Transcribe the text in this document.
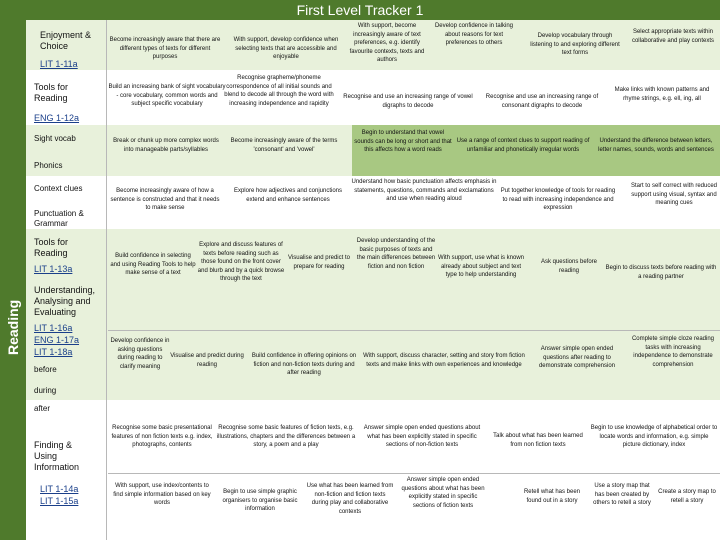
First Level Tracker 1
Reading
Enjoyment & Choice
LIT 1-11a
Become increasingly aware that there are different types of texts for different purposes
With support, develop confidence when selecting texts that are accessible and enjoyable
With support, become increasingly aware of text preferences, e.g. identify favourite contexts, texts and authors
Develop confidence in talking about reasons for text preferences to others
Develop vocabulary through listening to and exploring different text forms
Select appropriate texts within collaborative and play contexts
Tools for Reading
ENG 1-12a
Build an increasing bank of sight vocabulary - core vocabulary, common words and subject specific vocabulary
Recognise grapheme/phoneme correspondence of all initial sounds and blend to decode all through the word with increasing independence and rapidity
Recognise and use an increasing range of vowel digraphs to decode
Recognise and use an increasing range of consonant digraphs to decode
Make links with known patterns and rhyme strings, e.g. ell, ing, all
Sight vocab
Phonics
Break or chunk up more complex words into manageable parts/syllables
Become increasingly aware of the terms 'consonant' and 'vowel'
Begin to understand that vowel sounds can be long or short and that this affects how a word reads
Use a range of context clues to support reading of unfamiliar and phonetically irregular words
Understand the difference between letters, letter names, sounds, words and sentences
Context clues
Punctuation & Grammar
Become increasingly aware of how a sentence is constructed and that it needs to make sense
Explore how adjectives and conjunctions extend and enhance sentences
Understand how basic punctuation affects emphasis in statements, questions, commands and exclamations and use when reading aloud
Put together knowledge of tools for reading to read with increasing independence and expression
Start to self correct with reduced support using visual, syntax and meaning cues
Tools for Reading
LIT 1-13a
Understanding, Analysing and Evaluating
LIT 1-16a
ENG 1-17a
LIT 1-18a
before
during
after
Build confidence in selecting and using Reading Tools to help make sense of a text
Explore and discuss features of texts before reading such as those found on the front cover and blurb and by a quick browse through the text
Visualise and predict to prepare for reading
Develop understanding of the basic purposes of texts and the main differences between fiction and non fiction
With support, use what is known already about subject and text type to help understanding
Ask questions before reading	Begin to discuss texts before reading with a reading partner
Develop confidence in asking questions during reading to clarify meaning
Visualise and predict during reading
Build confidence in offering opinions on fiction and non-fiction texts during and after reading
With support, discuss character, setting and story from fiction texts and make links with own experiences and knowledge
Answer simple open ended questions after reading to demonstrate comprehension
Complete simple cloze reading tasks with increasing independence to demonstrate comprehension
Finding & Using Information
LIT 1-14a
LIT 1-15a
Recognise some basic presentational features of non fiction texts e.g. index, photographs, contents
Recognise some basic features of fiction texts, e.g. illustrations, chapters and the differences between a story, a poem and a play
Answer simple open ended questions about what has been explicitly stated in specific sections of non-fiction texts
Talk about what has been learned from non fiction texts
Begin to use knowledge of alphabetical order to locate words and information, e.g. simple picture dictionary, index
With support, use index/contents to find simple information based on key words
Begin to use simple graphic organisers to organise basic information
Use what has been learned from non-fiction and fiction texts during play and collaborative contexts
Answer simple open ended questions about what has been explicitly stated in specific sections of fiction texts
Retell what has been found out in a story
Use a story map that has been created by others to retell a story
Create a story map to retell a story
